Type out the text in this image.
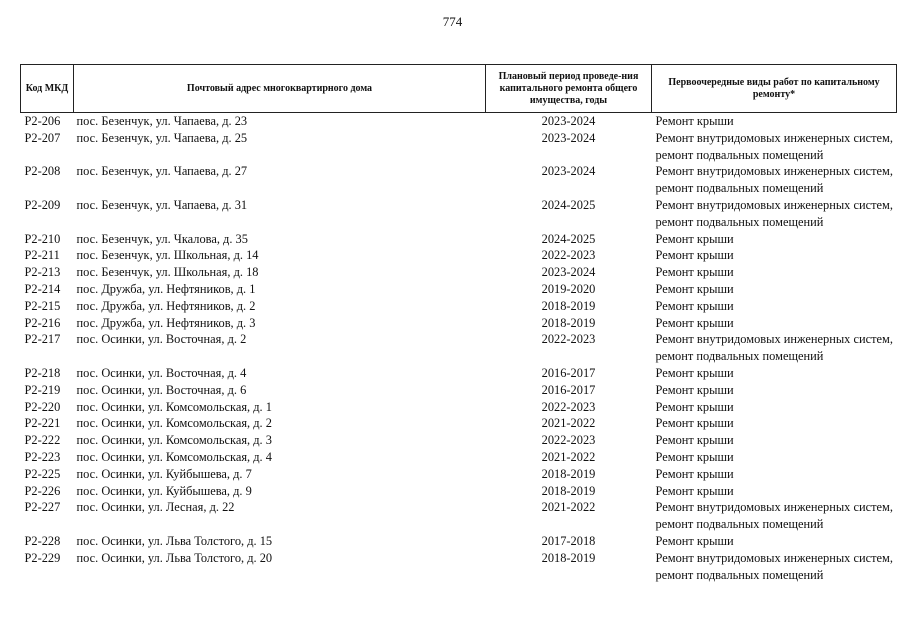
774
Код МКД	Почтовый адрес многоквартирного дома	Плановый период проведе-ния капитального ремонта общего имущества, годы	Первоочередные виды работ по капитальному ремонту*
Р2-206	пос. Безенчук, ул. Чапаева, д. 23	2023-2024	Ремонт крыши

Р2-207	пос. Безенчук, ул. Чапаева, д. 25	2023-2024	Ремонт внутридомовых инженерных систем,
ремонт подвальных помещений

Р2-208	пос. Безенчук, ул. Чапаева, д. 27	2023-2024	Ремонт внутридомовых инженерных систем,
ремонт подвальных помещений

Р2-209	пос. Безенчук, ул. Чапаева, д. 31	2024-2025	Ремонт внутридомовых инженерных систем,
ремонт подвальных помещений

Р2-210	пос. Безенчук, ул. Чкалова, д. 35	2024-2025	Ремонт крыши

Р2-211	пос. Безенчук, ул. Школьная, д. 14	2022-2023	Ремонт крыши

Р2-213	пос. Безенчук, ул. Школьная, д. 18	2023-2024	Ремонт крыши

Р2-214	пос. Дружба, ул. Нефтяников, д. 1	2019-2020	Ремонт крыши

Р2-215	пос. Дружба, ул. Нефтяников, д. 2	2018-2019	Ремонт крыши

Р2-216	пос. Дружба, ул. Нефтяников, д. 3	2018-2019	Ремонт крыши

Р2-217	пос. Осинки, ул. Восточная, д. 2	2022-2023	Ремонт внутридомовых инженерных систем,
ремонт подвальных помещений

Р2-218	пос. Осинки, ул. Восточная, д. 4	2016-2017	Ремонт крыши

Р2-219	пос. Осинки, ул. Восточная, д. 6	2016-2017	Ремонт крыши

Р2-220	пос. Осинки, ул. Комсомольская, д. 1	2022-2023	Ремонт крыши

Р2-221	пос. Осинки, ул. Комсомольская, д. 2	2021-2022	Ремонт крыши

Р2-222	пос. Осинки, ул. Комсомольская, д. 3	2022-2023	Ремонт крыши

Р2-223	пос. Осинки, ул. Комсомольская, д. 4	2021-2022	Ремонт крыши

Р2-225	пос. Осинки, ул. Куйбышева, д. 7	2018-2019	Ремонт крыши

Р2-226	пос. Осинки, ул. Куйбышева, д. 9	2018-2019	Ремонт крыши

Р2-227	пос. Осинки, ул. Лесная, д. 22	2021-2022	Ремонт внутридомовых инженерных систем,
ремонт подвальных помещений

Р2-228	пос. Осинки, ул. Льва Толстого, д. 15	2017-2018	Ремонт крыши

Р2-229	пос. Осинки, ул. Льва Толстого, д. 20	2018-2019	Ремонт внутридомовых инженерных систем,
ремонт подвальных помещений
